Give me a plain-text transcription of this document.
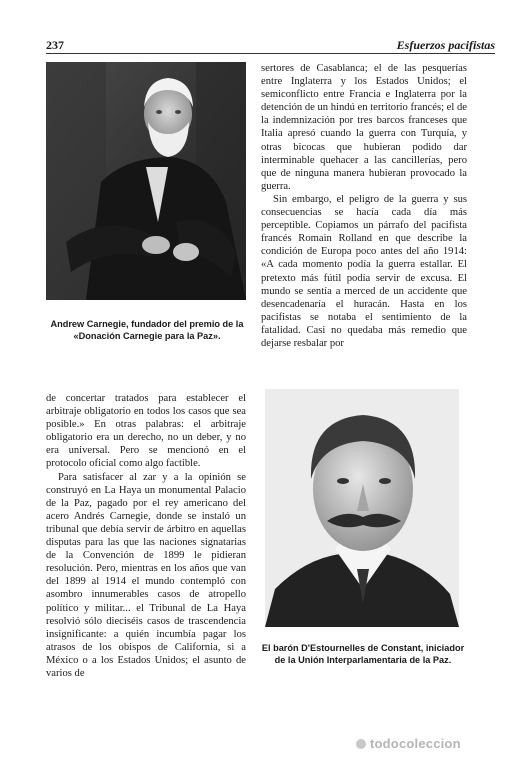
237	Esfuerzos pacifistas
Andrew Carnegie, fundador del premio de la «Donación Carnegie para la Paz».

sertores de Casablanca; el de las pesquerías entre Inglaterra y los Estados Unidos; el semiconflicto entre Francia e Inglaterra por la detención de un hindú en territorio francés; el de la indemnización por tres barcos franceses que Italia apresó cuando la guerra con Turquía, y otras bicocas que hubieran podido dar interminable quehacer a las cancillerías, pero que de ninguna manera hubieran provocado la guerra.

Sin embargo, el peligro de la guerra y sus consecuencias se hacía cada día más perceptible. Copiamos un párrafo del pacifista francés Romain Rolland en que describe la condición de Europa poco antes del año 1914: «A cada momento podía la guerra estallar. El pretexto más fútil podía servir de excusa. El mundo se sentía a merced de un accidente que desencadenaría el huracán. Hasta en los pacifistas se notaba el sentimiento de la fatalidad. Casi no quedaba más remedio que dejarse resbalar por

de concertar tratados para establecer el arbitraje obligatorio en todos los casos que sea posible.» En otras palabras: el arbitraje obligatorio era un derecho, no un deber, y no era universal. Pero se mencionó en el protocolo oficial como algo factible.

Para satisfacer al zar y a la opinión se construyó en La Haya un monumental Palacio de la Paz, pagado por el rey americano del acero Andrés Carnegie, donde se instaló un tribunal que debía servir de árbitro en aquellas disputas para las que las naciones signatarias de la Convención de 1899 le pidieran resolución. Pero, mientras en los años que van del 1899 al 1914 el mundo contempló con asombro innumerables casos de atropello político y militar... el Tribunal de La Haya resolvió sólo dieciséis casos de trascendencia insignificante: a quién incumbía pagar los atrasos de los obispos de California, si a México o a los Estados Unidos; el asunto de varios de

El barón D'Estournelles de Constant, iniciador de la Unión Interparlamentaria de la Paz.
todocoleccion
